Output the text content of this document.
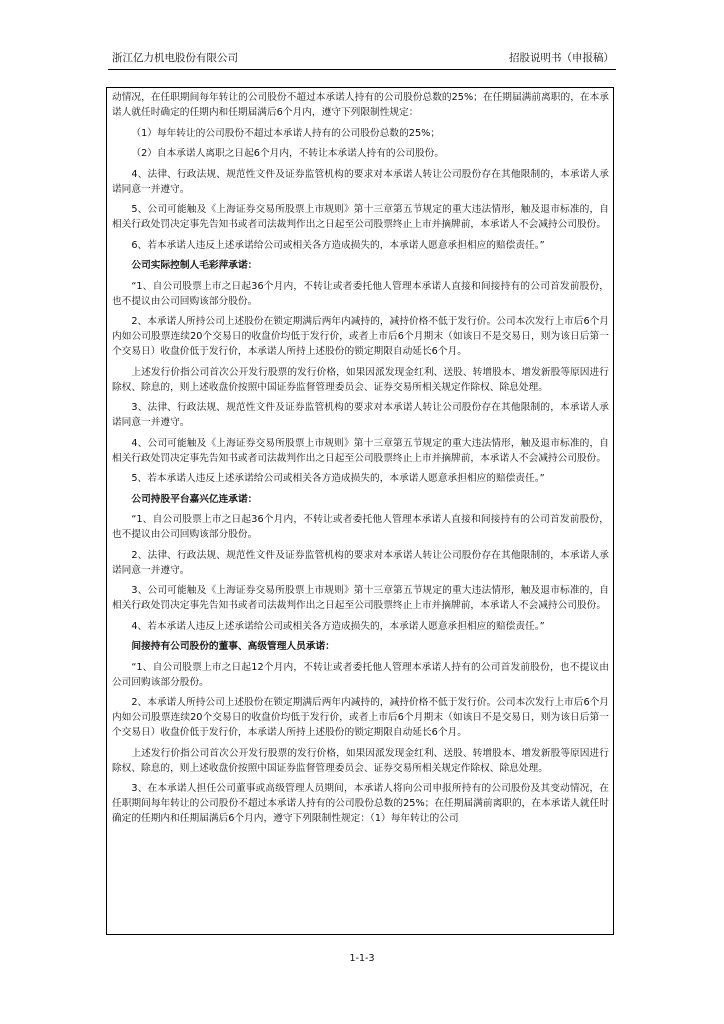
浙江亿力机电股份有限公司	招股说明书（申报稿）

动情况，在任职期间每年转让的公司股份不超过本承诺人持有的公司股份总数的25%；在任期届满前离职的，在本承诺人就任时确定的任期内和任期届满后6个月内，遵守下列限制性规定：

（1）每年转让的公司股份不超过本承诺人持有的公司股份总数的25%；

（2）自本承诺人离职之日起6个月内，不转让本承诺人持有的公司股份。

4、法律、行政法规、规范性文件及证券监管机构的要求对本承诺人转让公司股份存在其他限制的，本承诺人承诺同意一并遵守。

5、公司可能触及《上海证券交易所股票上市规则》第十三章第五节规定的重大违法情形，触及退市标准的，自相关行政处罚决定事先告知书或者司法裁判作出之日起至公司股票终止上市并摘牌前，本承诺人不会减持公司股份。

6、若本承诺人违反上述承诺给公司或相关各方造成损失的，本承诺人愿意承担相应的赔偿责任。”

公司实际控制人毛彩萍承诺：

“1、自公司股票上市之日起36个月内，不转让或者委托他人管理本承诺人直接和间接持有的公司首发前股份，也不提议由公司回购该部分股份。

2、本承诺人所持公司上述股份在锁定期满后两年内减持的，减持价格不低于发行价。公司本次发行上市后6个月内如公司股票连续20个交易日的收盘价均低于发行价，或者上市后6个月期末（如该日不是交易日，则为该日后第一个交易日）收盘价低于发行价，本承诺人所持上述股份的锁定期限自动延长6个月。

上述发行价指公司首次公开发行股票的发行价格，如果因派发现金红利、送股、转增股本、增发新股等原因进行除权、除息的，则上述收盘价按照中国证券监督管理委员会、证券交易所相关规定作除权、除息处理。

3、法律、行政法规、规范性文件及证券监管机构的要求对本承诺人转让公司股份存在其他限制的，本承诺人承诺同意一并遵守。

4、公司可能触及《上海证券交易所股票上市规则》第十三章第五节规定的重大违法情形，触及退市标准的，自相关行政处罚决定事先告知书或者司法裁判作出之日起至公司股票终止上市并摘牌前，本承诺人不会减持公司股份。

5、若本承诺人违反上述承诺给公司或相关各方造成损失的，本承诺人愿意承担相应的赔偿责任。”

公司持股平台嘉兴亿连承诺：

“1、自公司股票上市之日起36个月内，不转让或者委托他人管理本承诺人直接和间接持有的公司首发前股份，也不提议由公司回购该部分股份。

2、法律、行政法规、规范性文件及证券监管机构的要求对本承诺人转让公司股份存在其他限制的，本承诺人承诺同意一并遵守。

3、公司可能触及《上海证券交易所股票上市规则》第十三章第五节规定的重大违法情形，触及退市标准的，自相关行政处罚决定事先告知书或者司法裁判作出之日起至公司股票终止上市并摘牌前，本承诺人不会减持公司股份。

4、若本承诺人违反上述承诺给公司或相关各方造成损失的，本承诺人愿意承担相应的赔偿责任。”

间接持有公司股份的董事、高级管理人员承诺：

“1、自公司股票上市之日起12个月内，不转让或者委托他人管理本承诺人持有的公司首发前股份，也不提议由公司回购该部分股份。

2、本承诺人所持公司上述股份在锁定期满后两年内减持的，减持价格不低于发行价。公司本次发行上市后6个月内如公司股票连续20个交易日的收盘价均低于发行价，或者上市后6个月期末（如该日不是交易日，则为该日后第一个交易日）收盘价低于发行价，本承诺人所持上述股份的锁定期限自动延长6个月。

上述发行价指公司首次公开发行股票的发行价格，如果因派发现金红利、送股、转增股本、增发新股等原因进行除权、除息的，则上述收盘价按照中国证券监督管理委员会、证券交易所相关规定作除权、除息处理。

3、在本承诺人担任公司董事或高级管理人员期间，本承诺人将向公司申报所持有的公司股份及其变动情况，在任职期间每年转让的公司股份不超过本承诺人持有的公司股份总数的25%；在任期届满前离职的，在本承诺人就任时确定的任期内和任期届满后6个月内，遵守下列限制性规定：（1）每年转让的公司

1-1-3
